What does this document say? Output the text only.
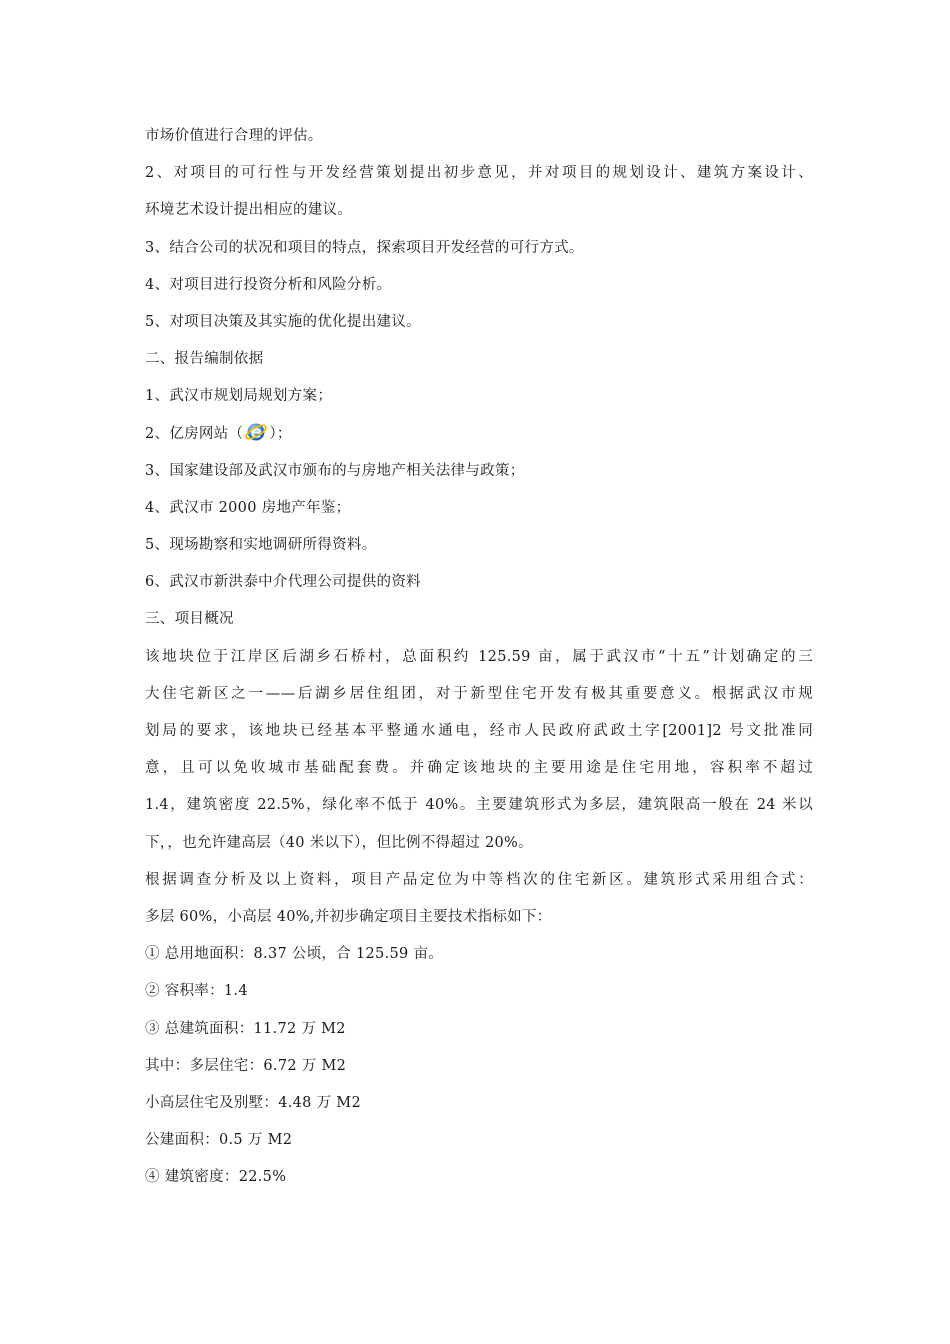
市场价值进行合理的评估。
2、对项目的可行性与开发经营策划提出初步意见，并对项目的规划设计、建筑方案设计、
环境艺术设计提出相应的建议。
3、结合公司的状况和项目的特点，探索项目开发经营的可行方式。
4、对项目进行投资分析和风险分析。
5、对项目决策及其实施的优化提出建议。
二、报告编制依据
1、武汉市规划局规划方案；
2、亿房网站（ ）；
3、国家建设部及武汉市颁布的与房地产相关法律与政策；
4、武汉市 2000 房地产年鉴；
5、现场勘察和实地调研所得资料。
6、武汉市新洪泰中介代理公司提供的资料
三、项目概况
该地块位于江岸区后湖乡石桥村，总面积约 125.59 亩，属于武汉市“十五”计划确定的三
大住宅新区之一——后湖乡居住组团，对于新型住宅开发有极其重要意义。根据武汉市规
划局的要求，该地块已经基本平整通水通电，经市人民政府武政土字[2001]2 号文批准同
意，且可以免收城市基础配套费。并确定该地块的主要用途是住宅用地，容积率不超过
1.4，建筑密度 22.5%，绿化率不低于 40%。主要建筑形式为多层，建筑限高一般在 24 米以
下，，也允许建高层（40 米以下），但比例不得超过 20%。
根据调查分析及以上资料，项目产品定位为中等档次的住宅新区。建筑形式采用组合式：
多层 60%，小高层 40%,并初步确定项目主要技术指标如下：
① 总用地面积：8.37 公顷，合 125.59 亩。
② 容积率：1.4
③ 总建筑面积：11.72 万 M2
其中：多层住宅：6.72 万 M2
小高层住宅及别墅：4.48 万 M2
公建面积：0.5 万 M2
④ 建筑密度：22.5%
